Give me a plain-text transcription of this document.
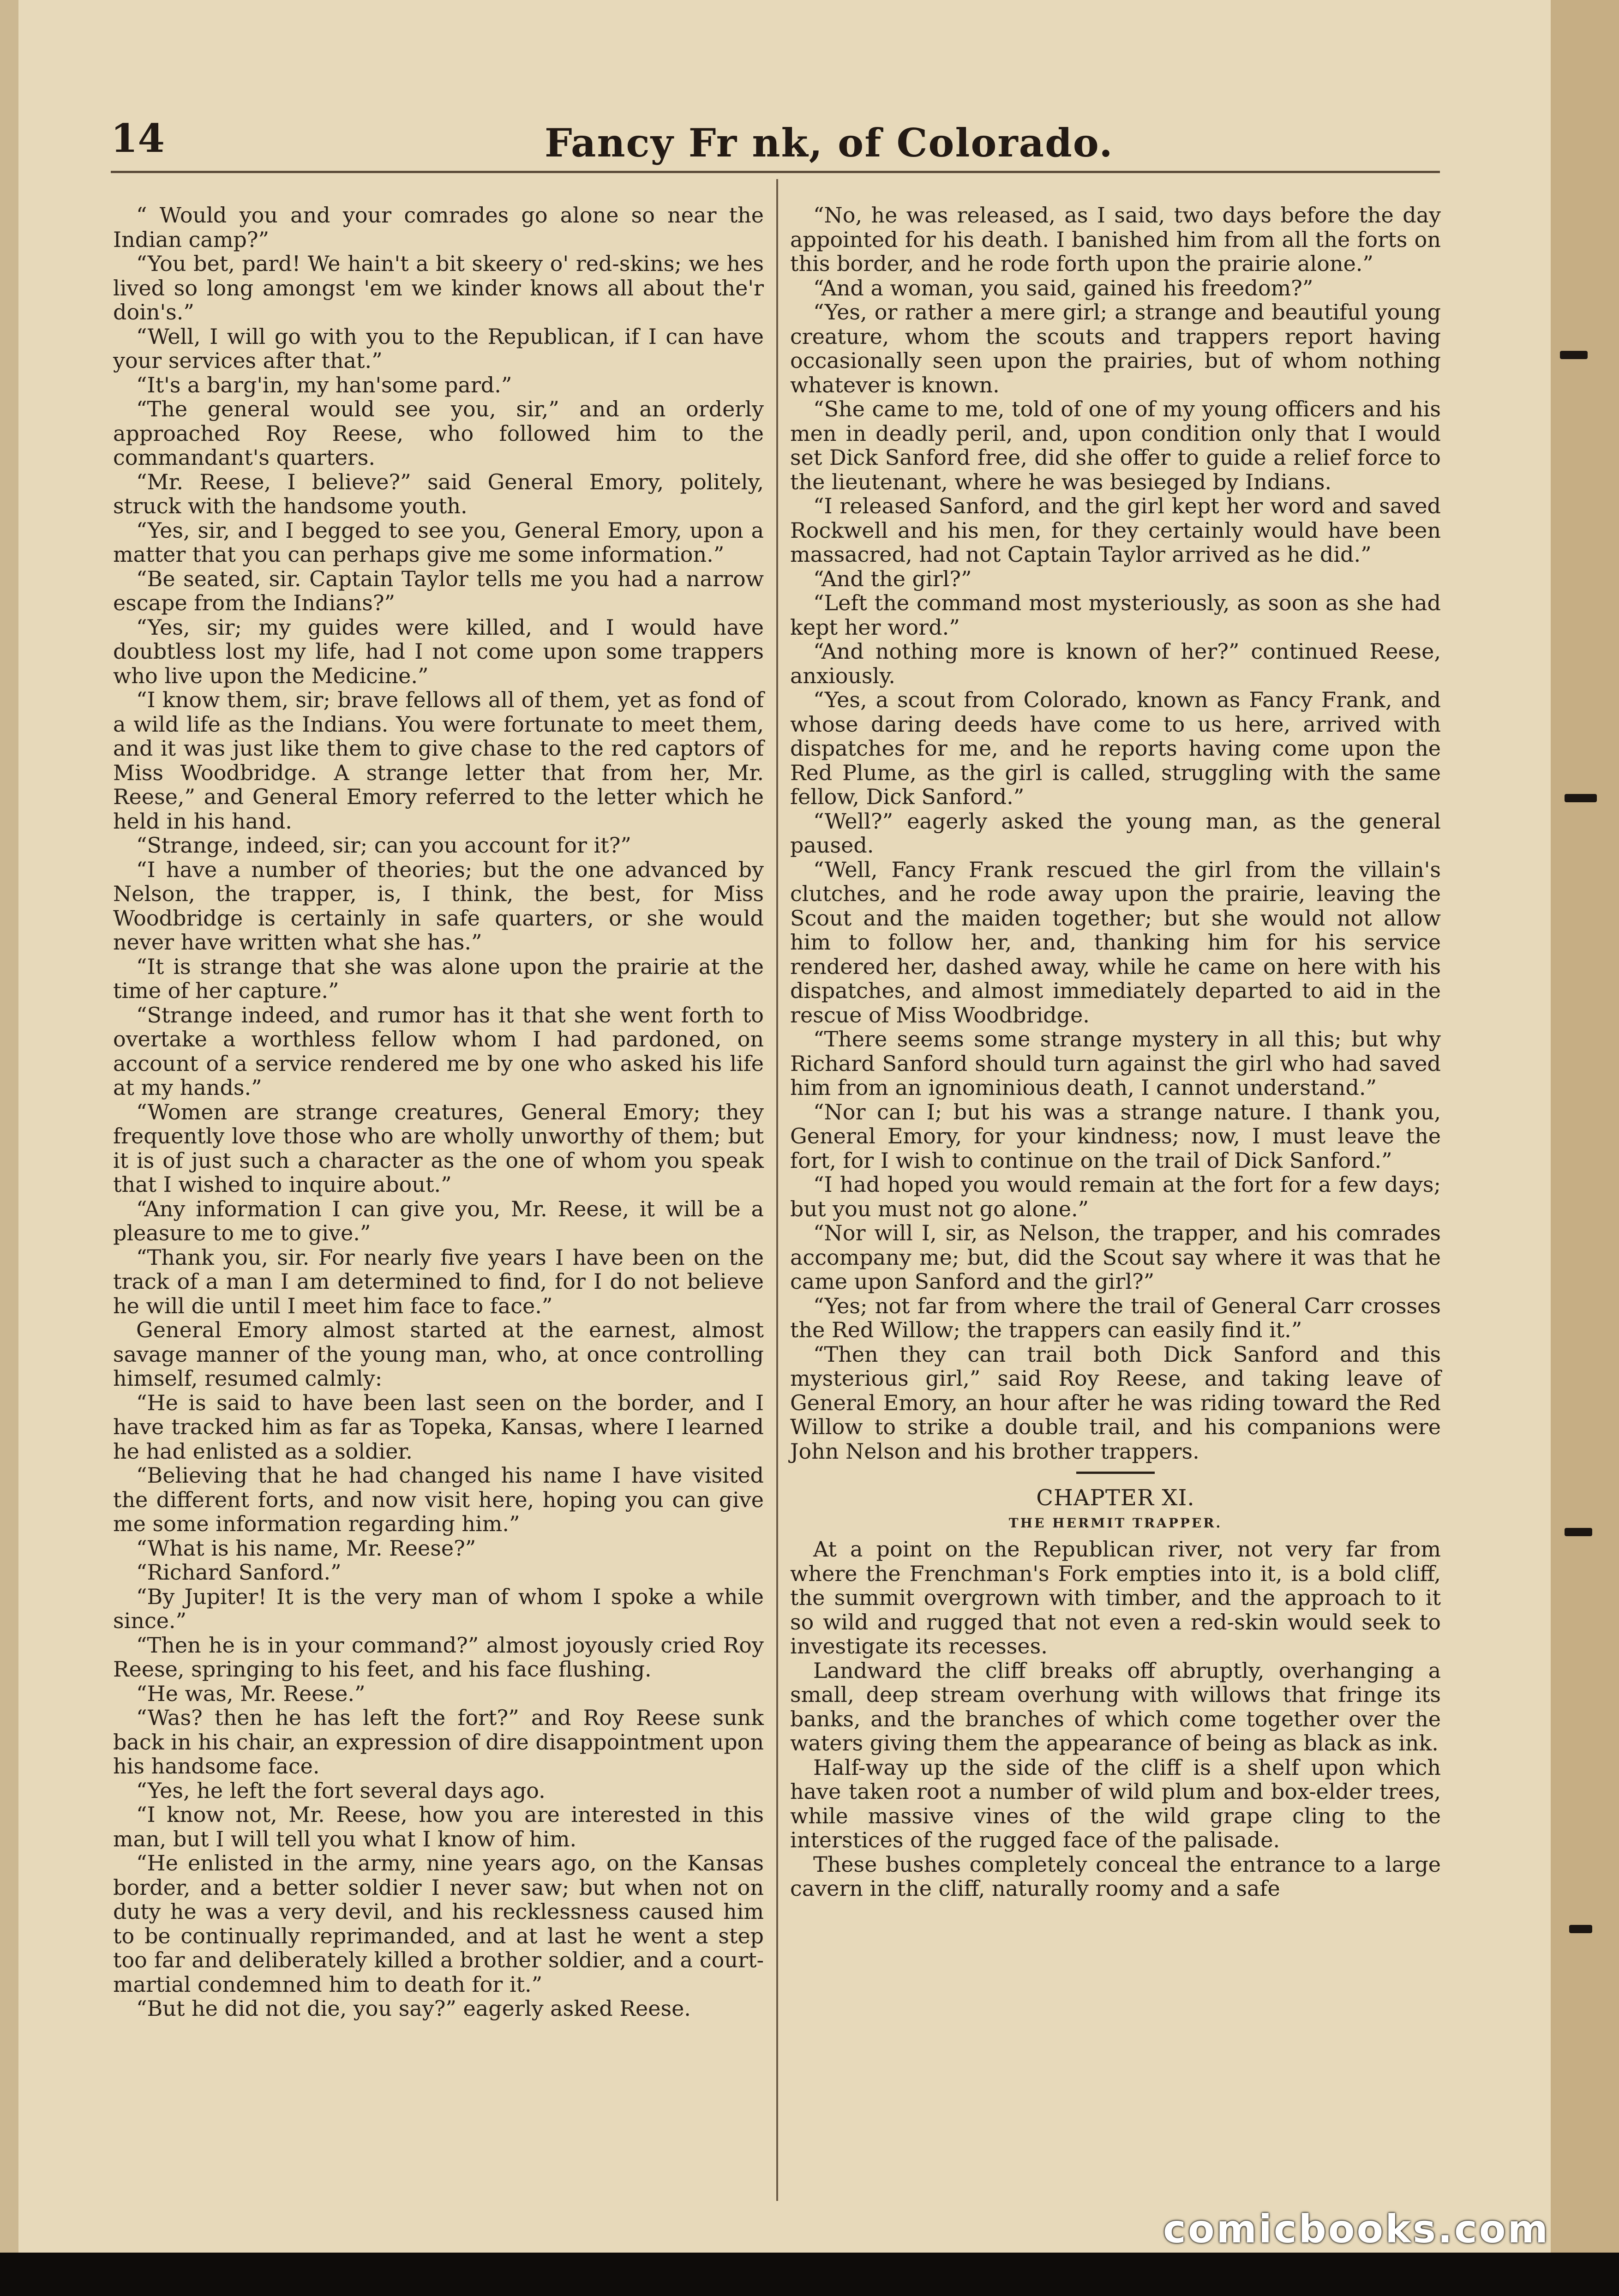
14	Fancy Fr nk, of Colorado.

“ Would you and your comrades go alone so near the Indian camp?”

“You bet, pard! We hain't a bit skeery o' red-skins; we hes lived so long amongst 'em we kinder knows all about the'r doin's.”

“Well, I will go with you to the Republican, if I can have your services after that.”

“It's a barg'in, my han'some pard.”

“The general would see you, sir,” and an orderly approached Roy Reese, who followed him to the commandant's quarters.

“Mr. Reese, I believe?” said General Emory, politely, struck with the handsome youth.

“Yes, sir, and I begged to see you, General Emory, upon a matter that you can perhaps give me some information.”

“Be seated, sir. Captain Taylor tells me you had a narrow escape from the Indians?”

“Yes, sir; my guides were killed, and I would have doubtless lost my life, had I not come upon some trappers who live upon the Medicine.”

“I know them, sir; brave fellows all of them, yet as fond of a wild life as the Indians. You were fortunate to meet them, and it was just like them to give chase to the red captors of Miss Woodbridge. A strange letter that from her, Mr. Reese,” and General Emory referred to the letter which he held in his hand.

“Strange, indeed, sir; can you account for it?”

“I have a number of theories; but the one advanced by Nelson, the trapper, is, I think, the best, for Miss Woodbridge is certainly in safe quarters, or she would never have written what she has.”

“It is strange that she was alone upon the prairie at the time of her capture.”

“Strange indeed, and rumor has it that she went forth to overtake a worthless fellow whom I had pardoned, on account of a service rendered me by one who asked his life at my hands.”

“Women are strange creatures, General Emory; they frequently love those who are wholly unworthy of them; but it is of just such a character as the one of whom you speak that I wished to inquire about.”

“Any information I can give you, Mr. Reese, it will be a pleasure to me to give.”

“Thank you, sir. For nearly five years I have been on the track of a man I am determined to find, for I do not believe he will die until I meet him face to face.”

General Emory almost started at the earnest, almost savage manner of the young man, who, at once controlling himself, resumed calmly:

“He is said to have been last seen on the border, and I have tracked him as far as Topeka, Kansas, where I learned he had enlisted as a soldier.

“Believing that he had changed his name I have visited the different forts, and now visit here, hoping you can give me some information regarding him.”

“What is his name, Mr. Reese?”

“Richard Sanford.”

“By Jupiter! It is the very man of whom I spoke a while since.”

“Then he is in your command?” almost joyously cried Roy Reese, springing to his feet, and his face flushing.

“He was, Mr. Reese.”

“Was? then he has left the fort?” and Roy Reese sunk back in his chair, an expression of dire disappointment upon his handsome face.

“Yes, he left the fort several days ago.

“I know not, Mr. Reese, how you are interested in this man, but I will tell you what I know of him.

“He enlisted in the army, nine years ago, on the Kansas border, and a better soldier I never saw; but when not on duty he was a very devil, and his recklessness caused him to be continually reprimanded, and at last he went a step too far and deliberately killed a brother soldier, and a court-martial condemned him to death for it.”

“But he did not die, you say?” eagerly asked Reese.

“No, he was released, as I said, two days before the day appointed for his death. I banished him from all the forts on this border, and he rode forth upon the prairie alone.”

“And a woman, you said, gained his freedom?”

“Yes, or rather a mere girl; a strange and beautiful young creature, whom the scouts and trappers report having occasionally seen upon the prairies, but of whom nothing whatever is known.

“She came to me, told of one of my young officers and his men in deadly peril, and, upon condition only that I would set Dick Sanford free, did she offer to guide a relief force to the lieutenant, where he was besieged by Indians.

“I released Sanford, and the girl kept her word and saved Rockwell and his men, for they certainly would have been massacred, had not Captain Taylor arrived as he did.”

“And the girl?”

“Left the command most mysteriously, as soon as she had kept her word.”

“And nothing more is known of her?” continued Reese, anxiously.

“Yes, a scout from Colorado, known as Fancy Frank, and whose daring deeds have come to us here, arrived with dispatches for me, and he reports having come upon the Red Plume, as the girl is called, struggling with the same fellow, Dick Sanford.”

“Well?” eagerly asked the young man, as the general paused.

“Well, Fancy Frank rescued the girl from the villain's clutches, and he rode away upon the prairie, leaving the Scout and the maiden together; but she would not allow him to follow her, and, thanking him for his service rendered her, dashed away, while he came on here with his dispatches, and almost immediately departed to aid in the rescue of Miss Woodbridge.

“There seems some strange mystery in all this; but why Richard Sanford should turn against the girl who had saved him from an ignominious death, I cannot understand.”

“Nor can I; but his was a strange nature. I thank you, General Emory, for your kindness; now, I must leave the fort, for I wish to continue on the trail of Dick Sanford.”

“I had hoped you would remain at the fort for a few days; but you must not go alone.”

“Nor will I, sir, as Nelson, the trapper, and his comrades accompany me; but, did the Scout say where it was that he came upon Sanford and the girl?”

“Yes; not far from where the trail of General Carr crosses the Red Willow; the trappers can easily find it.”

“Then they can trail both Dick Sanford and this mysterious girl,” said Roy Reese, and taking leave of General Emory, an hour after he was riding toward the Red Willow to strike a double trail, and his companions were John Nelson and his brother trappers.

CHAPTER XI.
THE HERMIT TRAPPER.

At a point on the Republican river, not very far from where the Frenchman's Fork empties into it, is a bold cliff, the summit overgrown with timber, and the approach to it so wild and rugged that not even a red-skin would seek to investigate its recesses.

Landward the cliff breaks off abruptly, overhanging a small, deep stream overhung with willows that fringe its banks, and the branches of which come together over the waters giving them the appearance of being as black as ink.

Half-way up the side of the cliff is a shelf upon which have taken root a number of wild plum and box-elder trees, while massive vines of the wild grape cling to the interstices of the rugged face of the palisade.

These bushes completely conceal the entrance to a large cavern in the cliff, naturally roomy and a safe

comicbooks.com
